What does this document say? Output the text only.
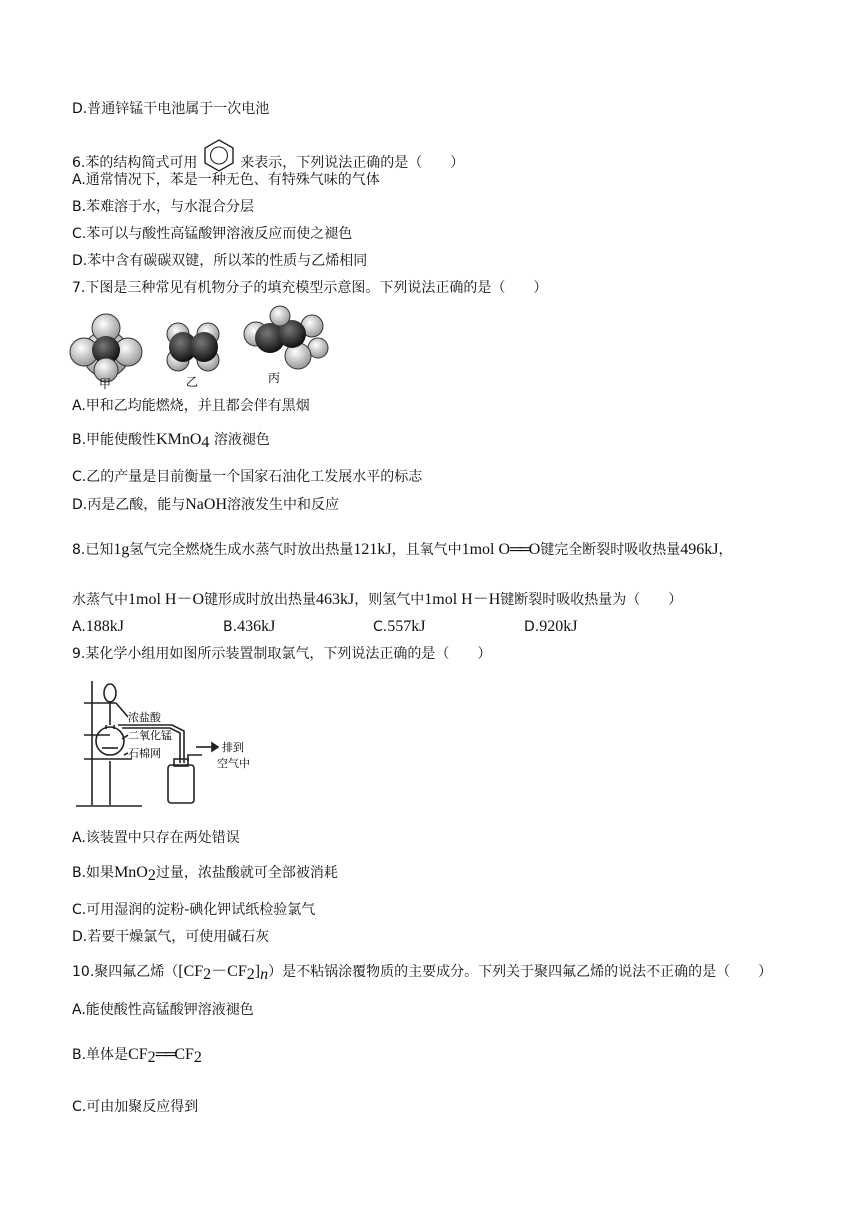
D.普通锌锰干电池属于一次电池
6.苯的结构简式可用	来表示，下列说法正确的是（　　）
A.通常情况下，苯是一种无色、有特殊气味的气体
B.苯难溶于水，与水混合分层
C.苯可以与酸性高锰酸钾溶液反应而使之褪色
D.苯中含有碳碳双键，所以苯的性质与乙烯相同
7.下图是三种常见有机物分子的填充模型示意图。下列说法正确的是（　　）
甲	乙	丙
A.甲和乙均能燃烧，并且都会伴有黑烟
B.甲能使酸性KMnO$_4$ 溶液褪色
C.乙的产量是目前衡量一个国家石油化工发展水平的标志
D.丙是乙酸，能与NaOH溶液发生中和反应
8.已知1g氢气完全燃烧生成水蒸气时放出热量121kJ，且氧气中1mol O══O键完全断裂时吸收热量496kJ，
水蒸气中1mol H－O键形成时放出热量463kJ，则氢气中1mol H－H键断裂时吸收热量为（　　）
A.188kJ	B.436kJ	C.557kJ	D.920kJ
9.某化学小组用如图所示装置制取氯气，下列说法正确的是（　　）
浓盐酸
二氧化锰
石棉网	排到
空气中
A.该装置中只存在两处错误
B.如果MnO$_2$过量，浓盐酸就可全部被消耗
C.可用湿润的淀粉-碘化钾试纸检验氯气
D.若要干燥氯气，可使用碱石灰
10.聚四氟乙烯$([CF_2-CF_2]_n)$是不粘锅涂覆物质的主要成分。下列关于聚四氟乙烯的说法不正确的是（　　）
A.能使酸性高锰酸钾溶液褪色
B.单体是$CF_2══CF_2$
C.可由加聚反应得到
